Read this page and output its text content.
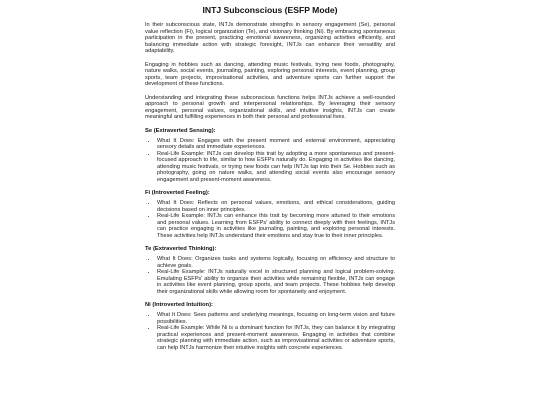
INTJ Subconscious (ESFP Mode)

In their subconscious state, INTJs demonstrate strengths in sensory engagement (Se), personal value reflection (Fi), logical organization (Te), and visionary thinking (Ni). By embracing spontaneous participation in the present, practicing emotional awareness, organizing activities efficiently, and balancing immediate action with strategic foresight, INTJs can enhance their versatility and adaptability.

Engaging in hobbies such as dancing, attending music festivals, trying new foods, photography, nature walks, social events, journaling, painting, exploring personal interests, event planning, group sports, team projects, improvisational activities, and adventure sports can further support the development of these functions.

Understanding and integrating these subconscious functions helps INTJs achieve a well-rounded approach to personal growth and interpersonal relationships. By leveraging their sensory engagement, personal values, organizational skills, and intuitive insights, INTJs can create meaningful and fulfilling experiences in both their personal and professional lives.

Se (Extraverted Sensing):
• What It Does: Engages with the present moment and external environment, appreciating sensory details and immediate experiences.
• Real-Life Example: INTJs can develop this trait by adopting a more spontaneous and present-focused approach to life, similar to how ESFPs naturally do. Engaging in activities like dancing, attending music festivals, or trying new foods can help INTJs tap into their Se. Hobbies such as photography, going on nature walks, and attending social events also encourage sensory engagement and present-moment awareness.
Fi (Introverted Feeling):
• What It Does: Reflects on personal values, emotions, and ethical considerations, guiding decisions based on inner principles.
• Real-Life Example: INTJs can enhance this trait by becoming more attuned to their emotions and personal values. Learning from ESFPs' ability to connect deeply with their feelings, INTJs can practice engaging in activities like journaling, painting, and exploring personal interests. These activities help INTJs understand their emotions and stay true to their inner principles.
Te (Extraverted Thinking):
• What It Does: Organizes tasks and systems logically, focusing on efficiency and structure to achieve goals.
• Real-Life Example: INTJs naturally excel in structured planning and logical problem-solving. Emulating ESFPs' ability to organize their activities while remaining flexible, INTJs can engage in activities like event planning, group sports, and team projects. These hobbies help develop their organizational skills while allowing room for spontaneity and enjoyment.
Ni (Introverted Intuition):
• What It Does: Sees patterns and underlying meanings, focusing on long-term vision and future possibilities.
• Real-Life Example: While Ni is a dominant function for INTJs, they can balance it by integrating practical experiences and present-moment awareness. Engaging in activities that combine strategic planning with immediate action, such as improvisational activities or adventure sports, can help INTJs harmonize their intuitive insights with concrete experiences.
